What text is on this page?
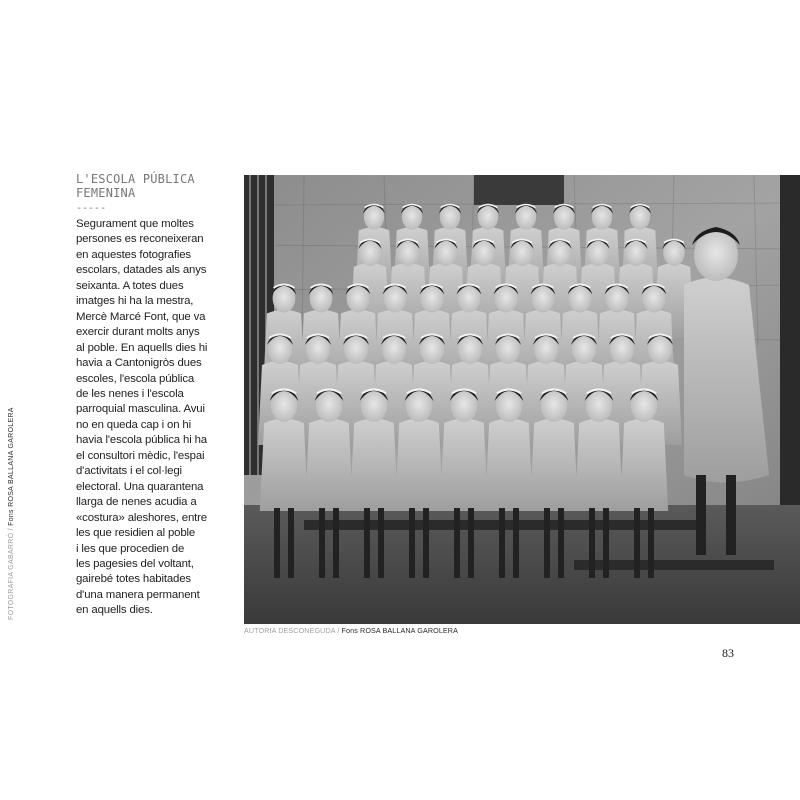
FOTOGRAFIA GABARRÓ / Fons ROSA BALLANA GAROLERA
L'ESCOLA PÚBLICA
FEMENINA
-----
Segurament que moltes
persones es reconeixeran
en aquestes fotografies
escolars, datades als anys
seixanta. A totes dues
imatges hi ha la mestra,
Mercè Marcé Font, que va
exercir durant molts anys
al poble. En aquells dies hi
havia a Cantonigròs dues
escoles, l'escola pública
de les nenes i l'escola
parroquial masculina. Avui
no en queda cap i on hi
havia l'escola pública hi ha
el consultori mèdic, l'espai
d'activitats i el col·legi
electoral. Una quarantena
llarga de nenes acudia a
«costura» aleshores, entre
les que residien al poble
i les que procedien de
les pagesies del voltant,
gairebé totes habitades
d'una manera permanent
en aquells dies.
AUTORIA DESCONEGUDA / Fons ROSA BALLANA GAROLERA
83
